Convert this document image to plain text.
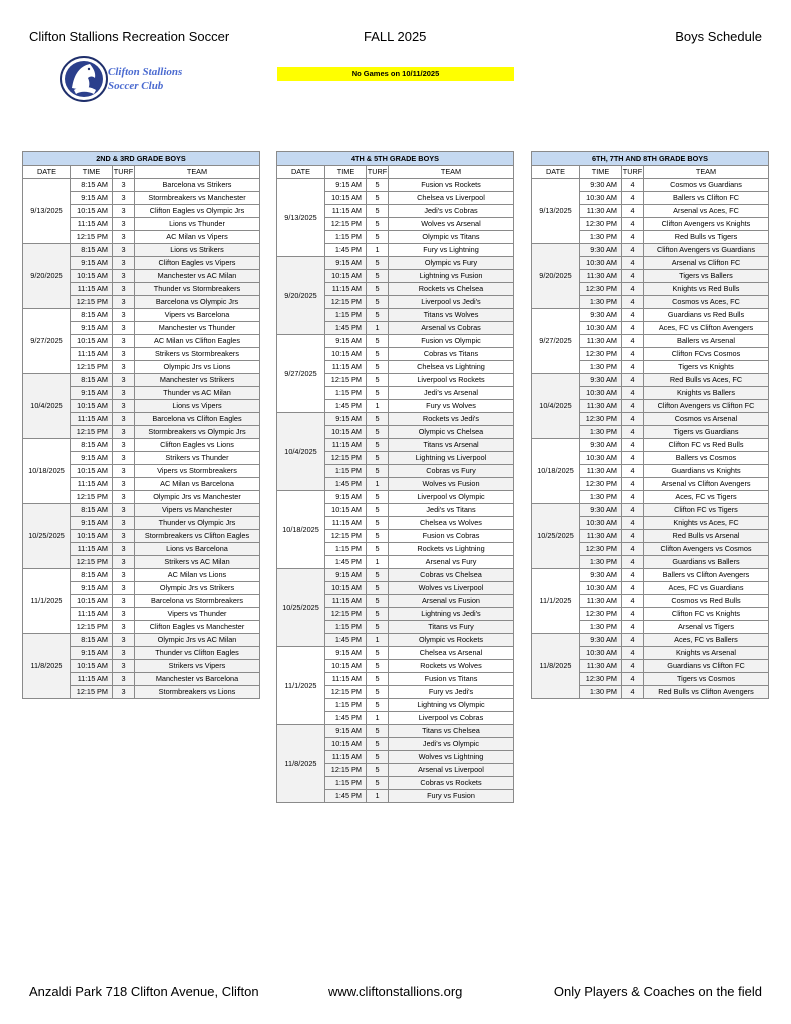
Clifton Stallions Recreation Soccer	FALL 2025	Boys Schedule
Clifton Stallions
Soccer Club
No Games on 10/11/2025
2ND & 3RD GRADE BOYS			
DATE	TIME	TURF	TEAM
9/13/2025	8:15 AM	3	Barcelona vs Strikers
	9:15 AM	3	Stormbreakers vs Manchester
	10:15 AM	3	Clifton Eagles vs Olympic Jrs
	11:15 AM	3	Lions vs Thunder
	12:15 PM	3	AC Milan vs Vipers
9/20/2025	8:15 AM	3	Lions vs Strikers
	9:15 AM	3	Clifton Eagles vs Vipers
	10:15 AM	3	Manchester vs AC Milan
	11:15 AM	3	Thunder vs Stormbreakers
	12:15 PM	3	Barcelona vs Olympic Jrs
9/27/2025	8:15 AM	3	Vipers vs Barcelona
	9:15 AM	3	Manchester vs Thunder
	10:15 AM	3	AC Milan vs Clifton Eagles
	11:15 AM	3	Strikers vs Stormbreakers
	12:15 PM	3	Olympic Jrs vs Lions
10/4/2025	8:15 AM	3	Manchester vs Strikers
	9:15 AM	3	Thunder vs AC Milan
	10:15 AM	3	Lions vs Vipers
	11:15 AM	3	Barcelona vs Clifton Eagles
	12:15 PM	3	Stormbreakers vs Olympic Jrs
10/18/2025	8:15 AM	3	Clifton Eagles vs Lions
	9:15 AM	3	Strikers vs Thunder
	10:15 AM	3	Vipers vs Stormbreakers
	11:15 AM	3	AC Milan vs Barcelona
	12:15 PM	3	Olympic Jrs vs Manchester
10/25/2025	8:15 AM	3	Vipers vs Manchester
	9:15 AM	3	Thunder vs Olympic Jrs
	10:15 AM	3	Stormbreakers vs Clifton Eagles
	11:15 AM	3	Lions vs Barcelona
	12:15 PM	3	Strikers vs AC Milan
11/1/2025	8:15 AM	3	AC Milan vs Lions
	9:15 AM	3	Olympic Jrs vs Strikers
	10:15 AM	3	Barcelona vs Stormbreakers
	11:15 AM	3	Vipers vs Thunder
	12:15 PM	3	Clifton Eagles vs Manchester
11/8/2025	8:15 AM	3	Olympic Jrs vs AC Milan
	9:15 AM	3	Thunder vs Clifton Eagles
	10:15 AM	3	Strikers vs Vipers
	11:15 AM	3	Manchester vs Barcelona
	12:15 PM	3	Stormbreakers vs Lions
4TH & 5TH GRADE BOYS			
DATE	TIME	TURF	TEAM
9/13/2025	9:15 AM	5	Fusion vs Rockets
	10:15 AM	5	Chelsea vs Liverpool
	11:15 AM	5	Jedi's vs Cobras
	12:15 PM	5	Wolves vs Arsenal
	1:15 PM	5	Olympic vs Titans
	1:45 PM	1	Fury vs Lightning
9/20/2025	9:15 AM	5	Olympic vs Fury
	10:15 AM	5	Lightning vs Fusion
	11:15 AM	5	Rockets vs Chelsea
	12:15 PM	5	Liverpool vs Jedi's
	1:15 PM	5	Titans vs Wolves
	1:45 PM	1	Arsenal vs Cobras
9/27/2025	9:15 AM	5	Fusion vs Olympic
	10:15 AM	5	Cobras vs Titans
	11:15 AM	5	Chelsea vs Lightning
	12:15 PM	5	Liverpool vs Rockets
	1:15 PM	5	Jedi's vs Arsenal
	1:45 PM	1	Fury vs Wolves
10/4/2025	9:15 AM	5	Rockets vs Jedi's
	10:15 AM	5	Olympic vs Chelsea
	11:15 AM	5	Titans vs Arsenal
	12:15 PM	5	Lightning vs Liverpool
	1:15 PM	5	Cobras vs Fury
	1:45 PM	1	Wolves vs Fusion
10/18/2025	9:15 AM	5	Liverpool vs Olympic
	10:15 AM	5	Jedi's vs Titans
	11:15 AM	5	Chelsea vs Wolves
	12:15 PM	5	Fusion vs Cobras
	1:15 PM	5	Rockets vs Lightning
	1:45 PM	1	Arsenal vs Fury
10/25/2025	9:15 AM	5	Cobras vs Chelsea
	10:15 AM	5	Wolves vs Liverpool
	11:15 AM	5	Arsenal vs Fusion
	12:15 PM	5	Lightning vs Jedi's
	1:15 PM	5	Titans vs Fury
	1:45 PM	1	Olympic vs Rockets
11/1/2025	9:15 AM	5	Chelsea vs Arsenal
	10:15 AM	5	Rockets vs Wolves
	11:15 AM	5	Fusion vs Titans
	12:15 PM	5	Fury vs Jedi's
	1:15 PM	5	Lightning vs Olympic
	1:45 PM	1	Liverpool vs Cobras
11/8/2025	9:15 AM	5	Titans vs Chelsea
	10:15 AM	5	Jedi's vs Olympic
	11:15 AM	5	Wolves vs Lightning
	12:15 PM	5	Arsenal vs Liverpool
	1:15 PM	5	Cobras vs Rockets
	1:45 PM	1	Fury vs Fusion
6TH, 7TH AND 8TH GRADE BOYS			
DATE	TIME	TURF	TEAM
9/13/2025	9:30 AM	4	Cosmos vs Guardians
	10:30 AM	4	Ballers vs Clifton FC
	11:30 AM	4	Arsenal vs Aces, FC
	12:30 PM	4	Clifton Avengers vs Knights
	1:30 PM	4	Red Bulls vs Tigers
9/20/2025	9:30 AM	4	Clifton Avengers vs Guardians
	10:30 AM	4	Arsenal vs Clifton FC
	11:30 AM	4	Tigers vs Ballers
	12:30 PM	4	Knights vs Red Bulls
	1:30 PM	4	Cosmos vs Aces, FC
9/27/2025	9:30 AM	4	Guardians vs Red Bulls
	10:30 AM	4	Aces, FC vs Clifton Avengers
	11:30 AM	4	Ballers vs Arsenal
	12:30 PM	4	Clifton FCvs Cosmos
	1:30 PM	4	Tigers vs Knights
10/4/2025	9:30 AM	4	Red Bulls vs Aces, FC
	10:30 AM	4	Knights vs Ballers
	11:30 AM	4	Clifton Avengers vs Clifton FC
	12:30 PM	4	Cosmos vs Arsenal
	1:30 PM	4	Tigers vs Guardians
10/18/2025	9:30 AM	4	Clifton FC vs Red Bulls
	10:30 AM	4	Ballers vs Cosmos
	11:30 AM	4	Guardians vs Knights
	12:30 PM	4	Arsenal vs Clifton Avengers
	1:30 PM	4	Aces, FC vs Tigers
10/25/2025	9:30 AM	4	Clifton FC vs Tigers
	10:30 AM	4	Knights vs Aces, FC
	11:30 AM	4	Red Bulls vs Arsenal
	12:30 PM	4	Clifton Avengers vs Cosmos
	1:30 PM	4	Guardians vs Ballers
11/1/2025	9:30 AM	4	Ballers vs Clifton Avengers
	10:30 AM	4	Aces, FC vs Guardians
	11:30 AM	4	Cosmos vs Red Bulls
	12:30 PM	4	Clifton FC vs Knights
	1:30 PM	4	Arsenal vs Tigers
11/8/2025	9:30 AM	4	Aces, FC vs Ballers
	10:30 AM	4	Knights vs Arsenal
	11:30 AM	4	Guardians vs Clifton FC
	12:30 PM	4	Tigers vs Cosmos
	1:30 PM	4	Red Bulls vs Clifton Avengers
Anzaldi Park 718 Clifton Avenue, Clifton	www.cliftonstallions.org	Only Players & Coaches on the field
